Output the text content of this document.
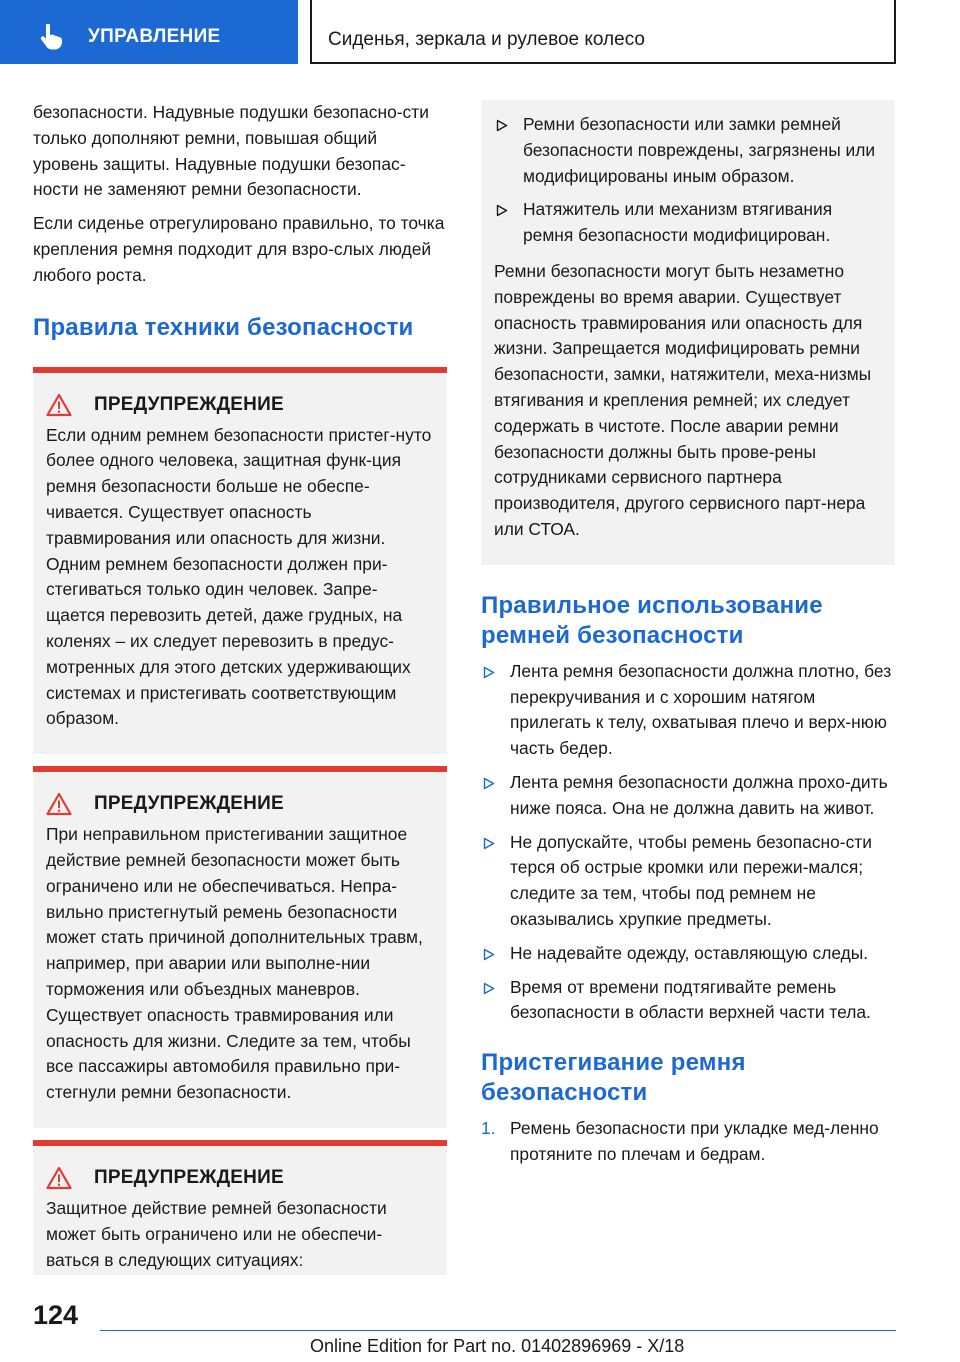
УПРАВЛЕНИЕ	Сиденья, зеркала и рулевое колесо

безопасности. Надувные подушки безопасно-сти только дополняют ремни, повышая общий уровень защиты. Надувные подушки безопас-ности не заменяют ремни безопасности.

Если сиденье отрегулировано правильно, то точка крепления ремня подходит для взро-слых людей любого роста.

Правила техники безопасности
ПРЕДУПРЕЖДЕНИЕ

Если одним ремнем безопасности пристег-нуто более одного человека, защитная функ-ция ремня безопасности больше не обеспе-чивается. Существует опасность травмирования или опасность для жизни. Одним ремнем безопасности должен при-стегиваться только один человек. Запре-щается перевозить детей, даже грудных, на коленях – их следует перевозить в предус-мотренных для этого детских удерживающих системах и пристегивать соответствующим образом.

ПРЕДУПРЕЖДЕНИЕ

При неправильном пристегивании защитное действие ремней безопасности может быть ограничено или не обеспечиваться. Непра-вильно пристегнутый ремень безопасности может стать причиной дополнительных травм, например, при аварии или выполне-нии торможения или объездных маневров. Существует опасность травмирования или опасность для жизни. Следите за тем, чтобы все пассажиры автомобиля правильно при-стегнули ремни безопасности.

ПРЕДУПРЕЖДЕНИЕ

Защитное действие ремней безопасности может быть ограничено или не обеспечи-ваться в следующих ситуациях:

Ремни безопасности или замки ремней безопасности повреждены, загрязнены или модифицированы иным образом.
Натяжитель или механизм втягивания ремня безопасности модифицирован.

Ремни безопасности могут быть незаметно повреждены во время аварии. Существует опасность травмирования или опасность для жизни. Запрещается модифицировать ремни безопасности, замки, натяжители, меха-низмы втягивания и крепления ремней; их следует содержать в чистоте. После аварии ремни безопасности должны быть прове-рены сотрудниками сервисного партнера производителя, другого сервисного парт-нера или СТОА.

Правильное использование ремней безопасности
Лента ремня безопасности должна плотно, без перекручивания и с хорошим натягом прилегать к телу, охватывая плечо и верх-нюю часть бедер.
Лента ремня безопасности должна прохо-дить ниже пояса. Она не должна давить на живот.
Не допускайте, чтобы ремень безопасно-сти терся об острые кромки или пережи-мался; следите за тем, чтобы под ремнем не оказывались хрупкие предметы.
Не надевайте одежду, оставляющую следы.
Время от времени подтягивайте ремень безопасности в области верхней части тела.
Пристегивание ремня безопасности
1. Ремень безопасности при укладке мед-ленно протяните по плечам и бедрам.
124
Online Edition for Part no. 01402896969 - X/18
